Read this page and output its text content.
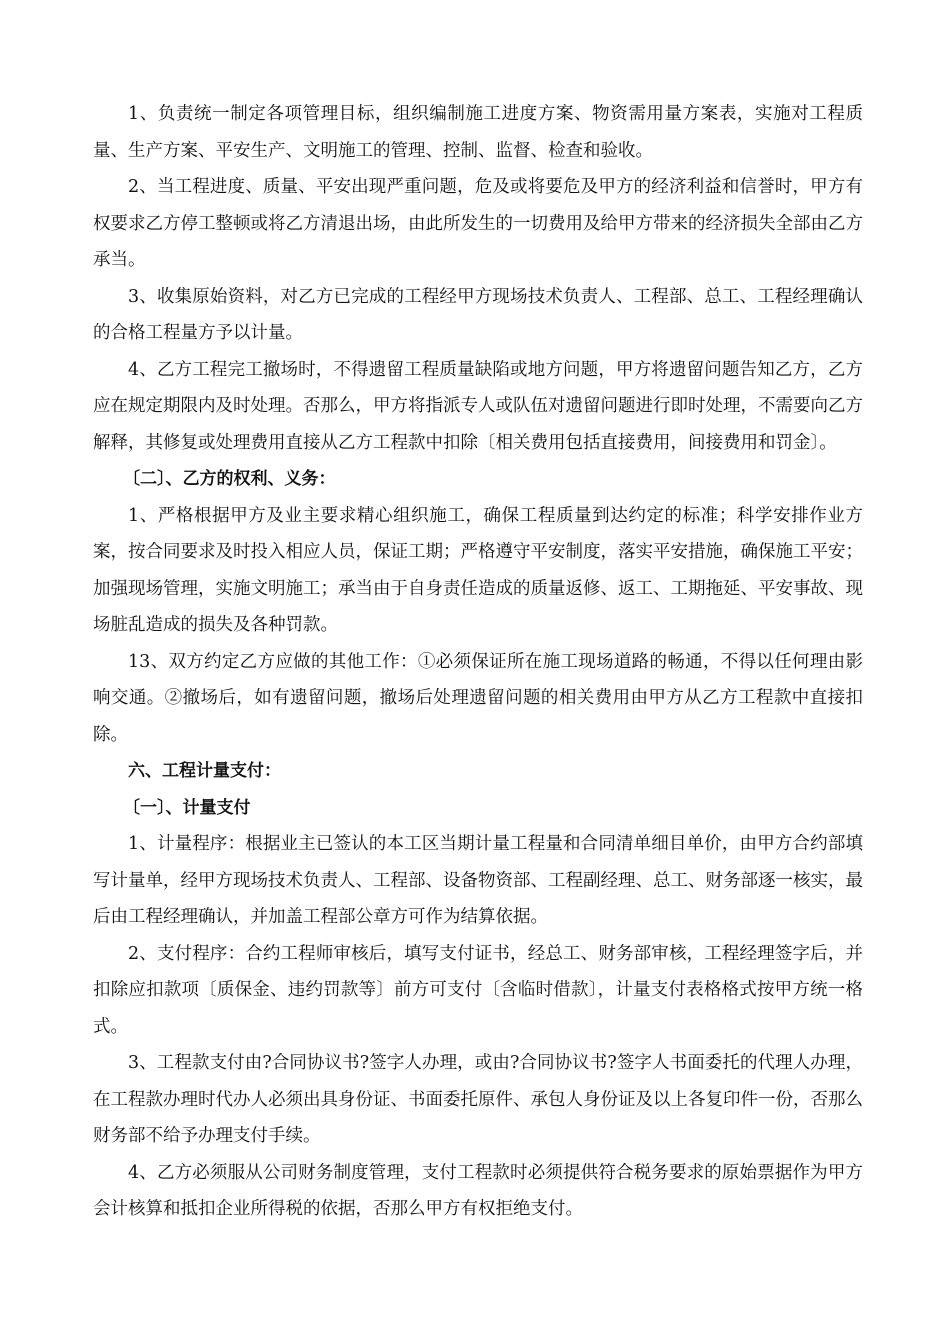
1、负责统一制定各项管理目标，组织编制施工进度方案、物资需用量方案表，实施对工程质量、生产方案、平安生产、文明施工的管理、控制、监督、检查和验收。

2、当工程进度、质量、平安出现严重问题，危及或将要危及甲方的经济利益和信誉时，甲方有权要求乙方停工整顿或将乙方清退出场，由此所发生的一切费用及给甲方带来的经济损失全部由乙方承当。

3、收集原始资料，对乙方已完成的工程经甲方现场技术负责人、工程部、总工、工程经理确认的合格工程量方予以计量。

4、乙方工程完工撤场时，不得遗留工程质量缺陷或地方问题，甲方将遗留问题告知乙方，乙方应在规定期限内及时处理。否那么，甲方将指派专人或队伍对遗留问题进行即时处理，不需要向乙方解释，其修复或处理费用直接从乙方工程款中扣除〔相关费用包括直接费用，间接费用和罚金〕。

〔二〕、乙方的权利、义务：

1、严格根据甲方及业主要求精心组织施工，确保工程质量到达约定的标准；科学安排作业方案，按合同要求及时投入相应人员，保证工期；严格遵守平安制度，落实平安措施，确保施工平安；加强现场管理，实施文明施工；承当由于自身责任造成的质量返修、返工、工期拖延、平安事故、现场脏乱造成的损失及各种罚款。

13、双方约定乙方应做的其他工作：①必须保证所在施工现场道路的畅通，不得以任何理由影响交通。②撤场后，如有遗留问题，撤场后处理遗留问题的相关费用由甲方从乙方工程款中直接扣除。

六、工程计量支付：

〔一〕、计量支付

1、计量程序：根据业主已签认的本工区当期计量工程量和合同清单细目单价，由甲方合约部填写计量单，经甲方现场技术负责人、工程部、设备物资部、工程副经理、总工、财务部逐一核实，最后由工程经理确认，并加盖工程部公章方可作为结算依据。

2、支付程序：合约工程师审核后，填写支付证书，经总工、财务部审核，工程经理签字后，并扣除应扣款项〔质保金、违约罚款等〕前方可支付〔含临时借款〕，计量支付表格格式按甲方统一格式。

3、工程款支付由?合同协议书?签字人办理，或由?合同协议书?签字人书面委托的代理人办理，在工程款办理时代办人必须出具身份证、书面委托原件、承包人身份证及以上各复印件一份，否那么财务部不给予办理支付手续。

4、乙方必须服从公司财务制度管理，支付工程款时必须提供符合税务要求的原始票据作为甲方会计核算和抵扣企业所得税的依据，否那么甲方有权拒绝支付。
